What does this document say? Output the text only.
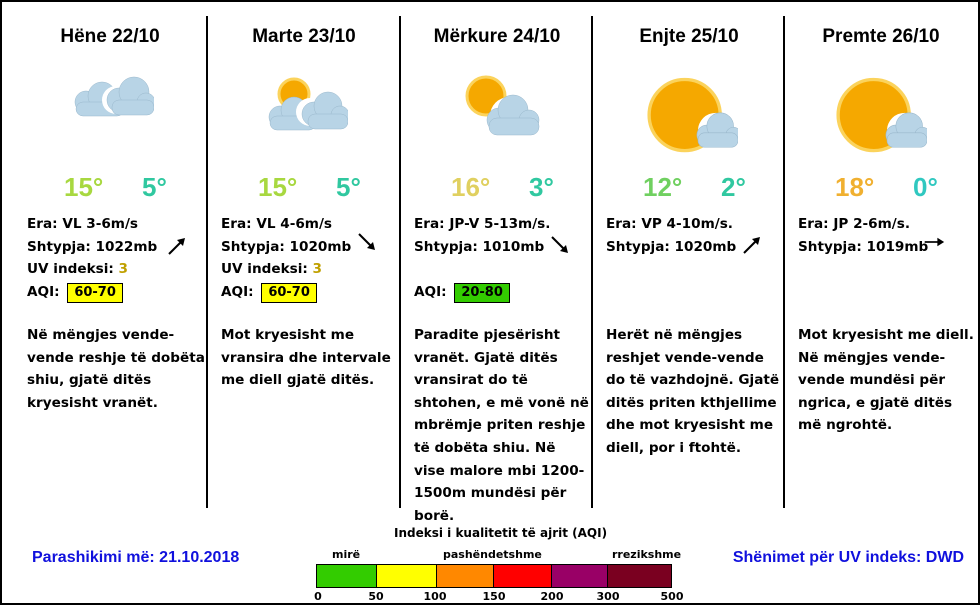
Hëne 22/10
15° 5°
Era: VL 3-6m/s
Shtypja: 1022mb
UV indeksi: 3
AQI: 60-70
Në mëngjes vende-vende reshje të dobëta shiu, gjatë ditës kryesisht vranët.
Marte 23/10
15° 5°
Era: VL 4-6m/s
Shtypja: 1020mb
UV indeksi: 3
AQI: 60-70
Mot kryesisht me vransira dhe intervale me diell gjatë ditës.
Mërkure 24/10
16° 3°
Era: JP-V 5-13m/s.
Shtypja: 1010mb

AQI: 20-80
Paradite pjesërisht vranët. Gjatë ditës vransirat do të shtohen, e më vonë në mbrëmje priten reshje të dobëta shiu. Në vise malore mbi 1200-1500m mundësi për borë.
Enjte 25/10
12° 2°
Era: VP 4-10m/s.
Shtypja: 1020mb
Herët në mëngjes reshjet vende-vende do të vazhdojnë. Gjatë ditës priten kthjellime dhe mot kryesisht me diell, por i ftohtë.
Premte 26/10
18° 0°
Era: JP 2-6m/s.
Shtypja: 1019mb
Mot kryesisht me diell. Në mëngjes vende-vende mundësi për ngrica, e gjatë ditës më ngrohtë.
Parashikimi më: 21.10.2018	Shënimet për UV indeks: DWD
Indeksi i kualitetit të ajrit (AQI)
mirë	pashëndetshme	rrezikshme
0	50	100	150	200	300	500
